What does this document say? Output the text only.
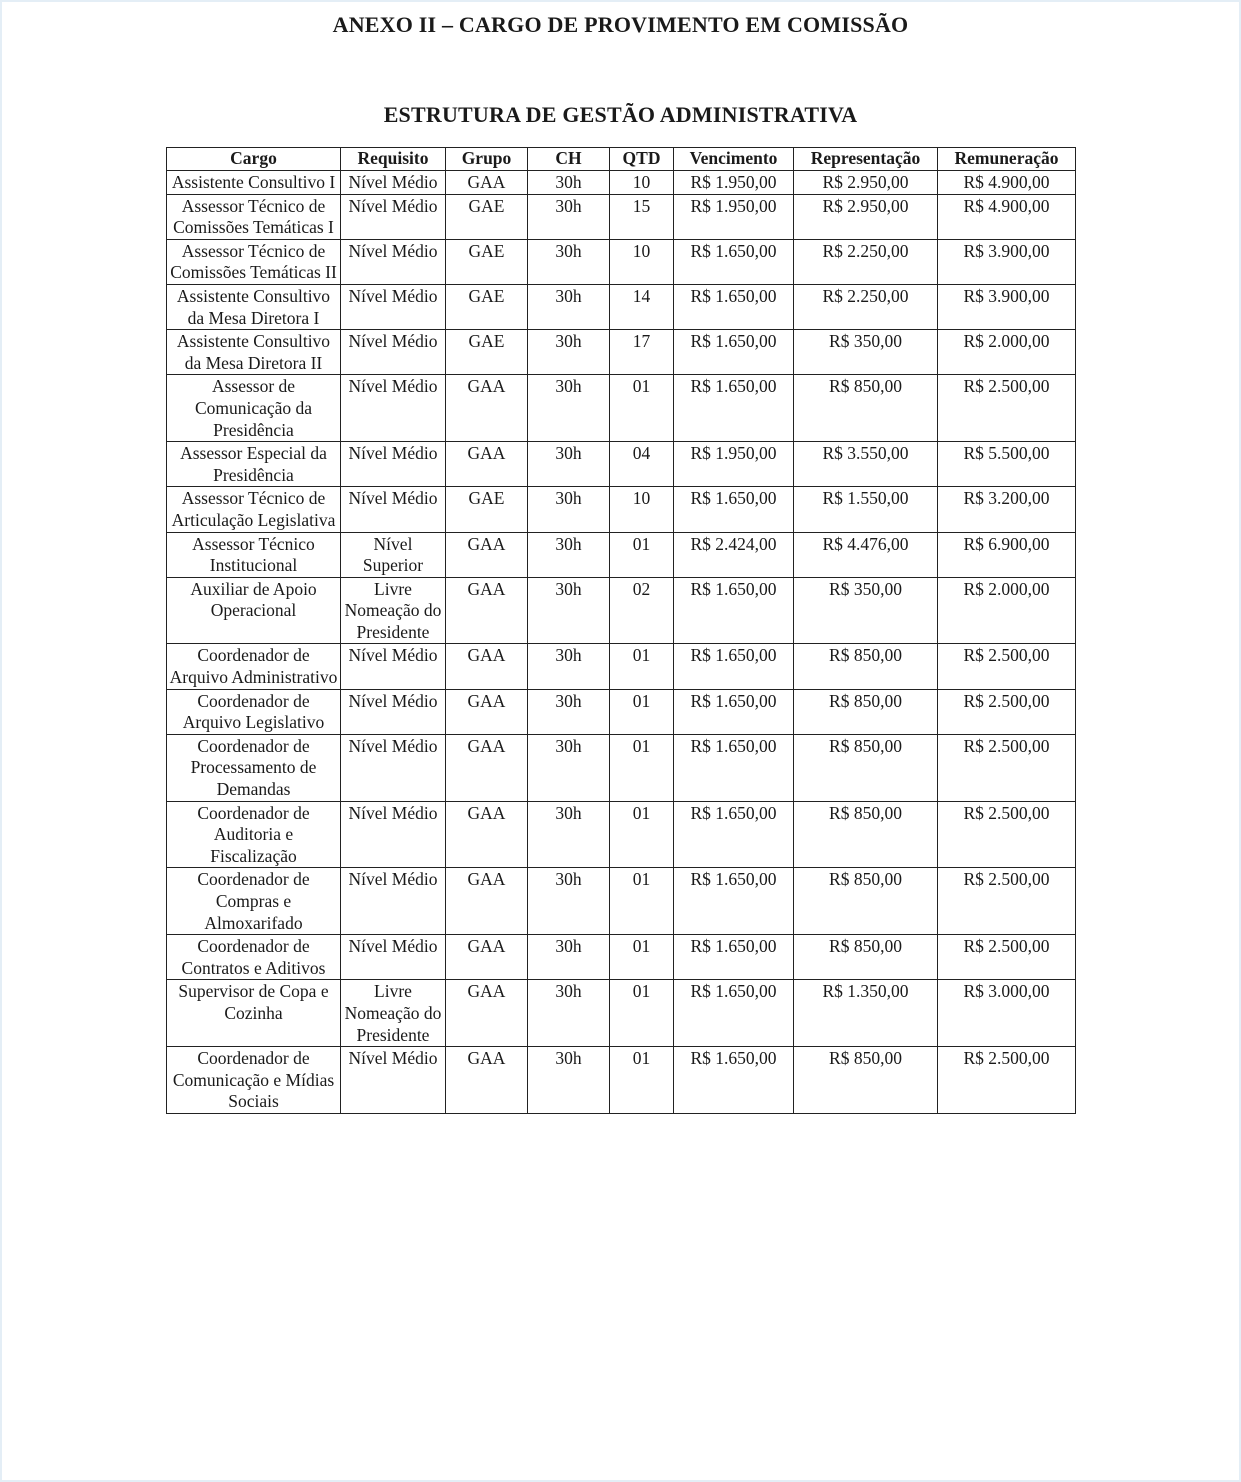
ANEXO II – CARGO DE PROVIMENTO EM COMISSÃO
ESTRUTURA DE GESTÃO ADMINISTRATIVA
Cargo	Requisito	Grupo	CH	QTD	Vencimento	Representação	Remuneração
Assistente Consultivo I	Nível Médio	GAA	30h	10	R$ 1.950,00	R$ 2.950,00	R$ 4.900,00
Assessor Técnico de Comissões Temáticas I	Nível Médio	GAE	30h	15	R$ 1.950,00	R$ 2.950,00	R$ 4.900,00
Assessor Técnico de Comissões Temáticas II	Nível Médio	GAE	30h	10	R$ 1.650,00	R$ 2.250,00	R$ 3.900,00
Assistente Consultivo da Mesa Diretora I	Nível Médio	GAE	30h	14	R$ 1.650,00	R$ 2.250,00	R$ 3.900,00
Assistente Consultivo da Mesa Diretora II	Nível Médio	GAE	30h	17	R$ 1.650,00	R$ 350,00	R$ 2.000,00
Assessor de Comunicação da Presidência	Nível Médio	GAA	30h	01	R$ 1.650,00	R$ 850,00	R$ 2.500,00
Assessor Especial da Presidência	Nível Médio	GAA	30h	04	R$ 1.950,00	R$ 3.550,00	R$ 5.500,00
Assessor Técnico de Articulação Legislativa	Nível Médio	GAE	30h	10	R$ 1.650,00	R$ 1.550,00	R$ 3.200,00
Assessor Técnico Institucional	Nível Superior	GAA	30h	01	R$ 2.424,00	R$ 4.476,00	R$ 6.900,00
Auxiliar de Apoio Operacional	Livre Nomeação do Presidente	GAA	30h	02	R$ 1.650,00	R$ 350,00	R$ 2.000,00
Coordenador de Arquivo Administrativo	Nível Médio	GAA	30h	01	R$ 1.650,00	R$ 850,00	R$ 2.500,00
Coordenador de Arquivo Legislativo	Nível Médio	GAA	30h	01	R$ 1.650,00	R$ 850,00	R$ 2.500,00
Coordenador de Processamento de Demandas	Nível Médio	GAA	30h	01	R$ 1.650,00	R$ 850,00	R$ 2.500,00
Coordenador de Auditoria e Fiscalização	Nível Médio	GAA	30h	01	R$ 1.650,00	R$ 850,00	R$ 2.500,00
Coordenador de Compras e Almoxarifado	Nível Médio	GAA	30h	01	R$ 1.650,00	R$ 850,00	R$ 2.500,00
Coordenador de Contratos e Aditivos	Nível Médio	GAA	30h	01	R$ 1.650,00	R$ 850,00	R$ 2.500,00
Supervisor de Copa e Cozinha	Livre Nomeação do Presidente	GAA	30h	01	R$ 1.650,00	R$ 1.350,00	R$ 3.000,00
Coordenador de Comunicação e Mídias Sociais	Nível Médio	GAA	30h	01	R$ 1.650,00	R$ 850,00	R$ 2.500,00
